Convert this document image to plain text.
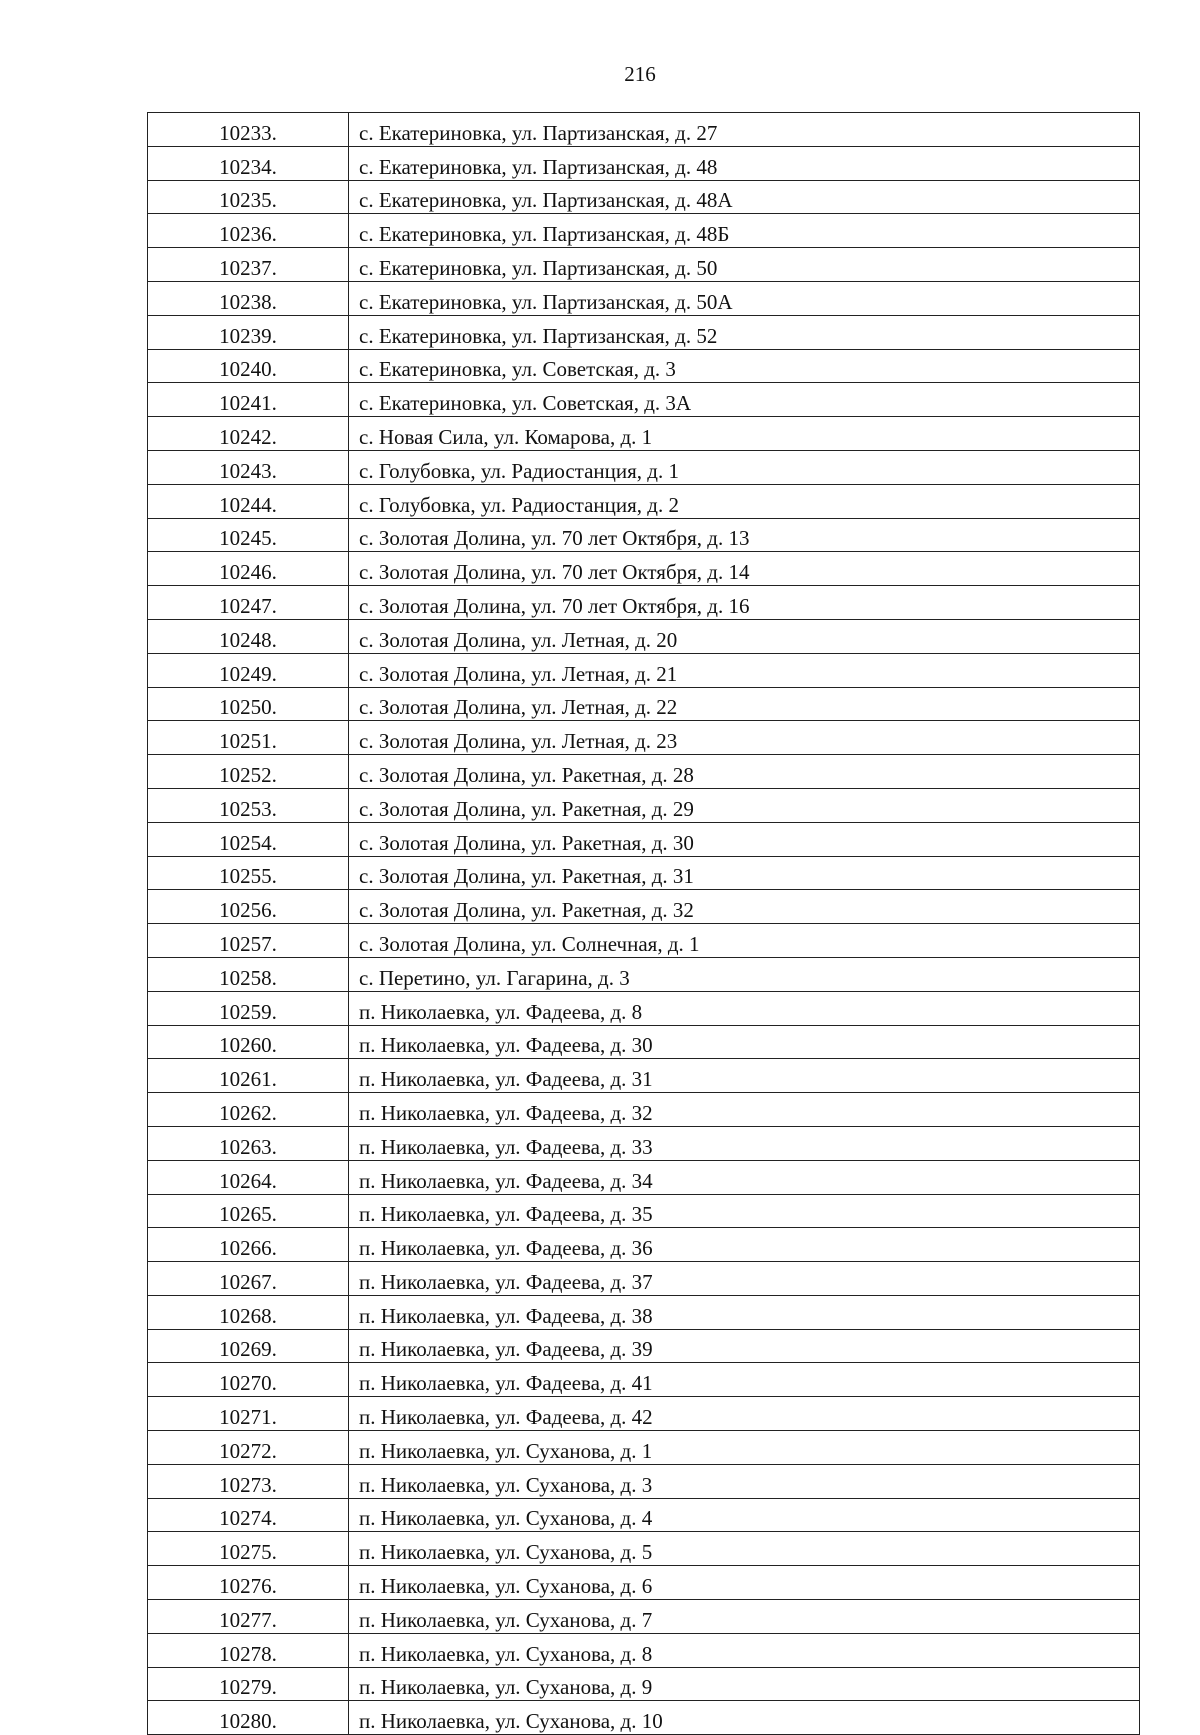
216
10233.	с. Екатериновка, ул. Партизанская, д. 27
10234.	с. Екатериновка, ул. Партизанская, д. 48
10235.	с. Екатериновка, ул. Партизанская, д. 48А
10236.	с. Екатериновка, ул. Партизанская, д. 48Б
10237.	с. Екатериновка, ул. Партизанская, д. 50
10238.	с. Екатериновка, ул. Партизанская, д. 50А
10239.	с. Екатериновка, ул. Партизанская, д. 52
10240.	с. Екатериновка, ул. Советская, д. 3
10241.	с. Екатериновка, ул. Советская, д. 3А
10242.	с. Новая Сила, ул. Комарова, д. 1
10243.	с. Голубовка, ул. Радиостанция, д. 1
10244.	с. Голубовка, ул. Радиостанция, д. 2
10245.	с. Золотая Долина, ул. 70 лет Октября, д. 13
10246.	с. Золотая Долина, ул. 70 лет Октября, д. 14
10247.	с. Золотая Долина, ул. 70 лет Октября, д. 16
10248.	с. Золотая Долина, ул. Летная, д. 20
10249.	с. Золотая Долина, ул. Летная, д. 21
10250.	с. Золотая Долина, ул. Летная, д. 22
10251.	с. Золотая Долина, ул. Летная, д. 23
10252.	с. Золотая Долина, ул. Ракетная, д. 28
10253.	с. Золотая Долина, ул. Ракетная, д. 29
10254.	с. Золотая Долина, ул. Ракетная, д. 30
10255.	с. Золотая Долина, ул. Ракетная, д. 31
10256.	с. Золотая Долина, ул. Ракетная, д. 32
10257.	с. Золотая Долина, ул. Солнечная, д. 1
10258.	с. Перетино, ул. Гагарина, д. 3
10259.	п. Николаевка, ул. Фадеева, д. 8
10260.	п. Николаевка, ул. Фадеева, д. 30
10261.	п. Николаевка, ул. Фадеева, д. 31
10262.	п. Николаевка, ул. Фадеева, д. 32
10263.	п. Николаевка, ул. Фадеева, д. 33
10264.	п. Николаевка, ул. Фадеева, д. 34
10265.	п. Николаевка, ул. Фадеева, д. 35
10266.	п. Николаевка, ул. Фадеева, д. 36
10267.	п. Николаевка, ул. Фадеева, д. 37
10268.	п. Николаевка, ул. Фадеева, д. 38
10269.	п. Николаевка, ул. Фадеева, д. 39
10270.	п. Николаевка, ул. Фадеева, д. 41
10271.	п. Николаевка, ул. Фадеева, д. 42
10272.	п. Николаевка, ул. Суханова, д. 1
10273.	п. Николаевка, ул. Суханова, д. 3
10274.	п. Николаевка, ул. Суханова, д. 4
10275.	п. Николаевка, ул. Суханова, д. 5
10276.	п. Николаевка, ул. Суханова, д. 6
10277.	п. Николаевка, ул. Суханова, д. 7
10278.	п. Николаевка, ул. Суханова, д. 8
10279.	п. Николаевка, ул. Суханова, д. 9
10280.	п. Николаевка, ул. Суханова, д. 10
